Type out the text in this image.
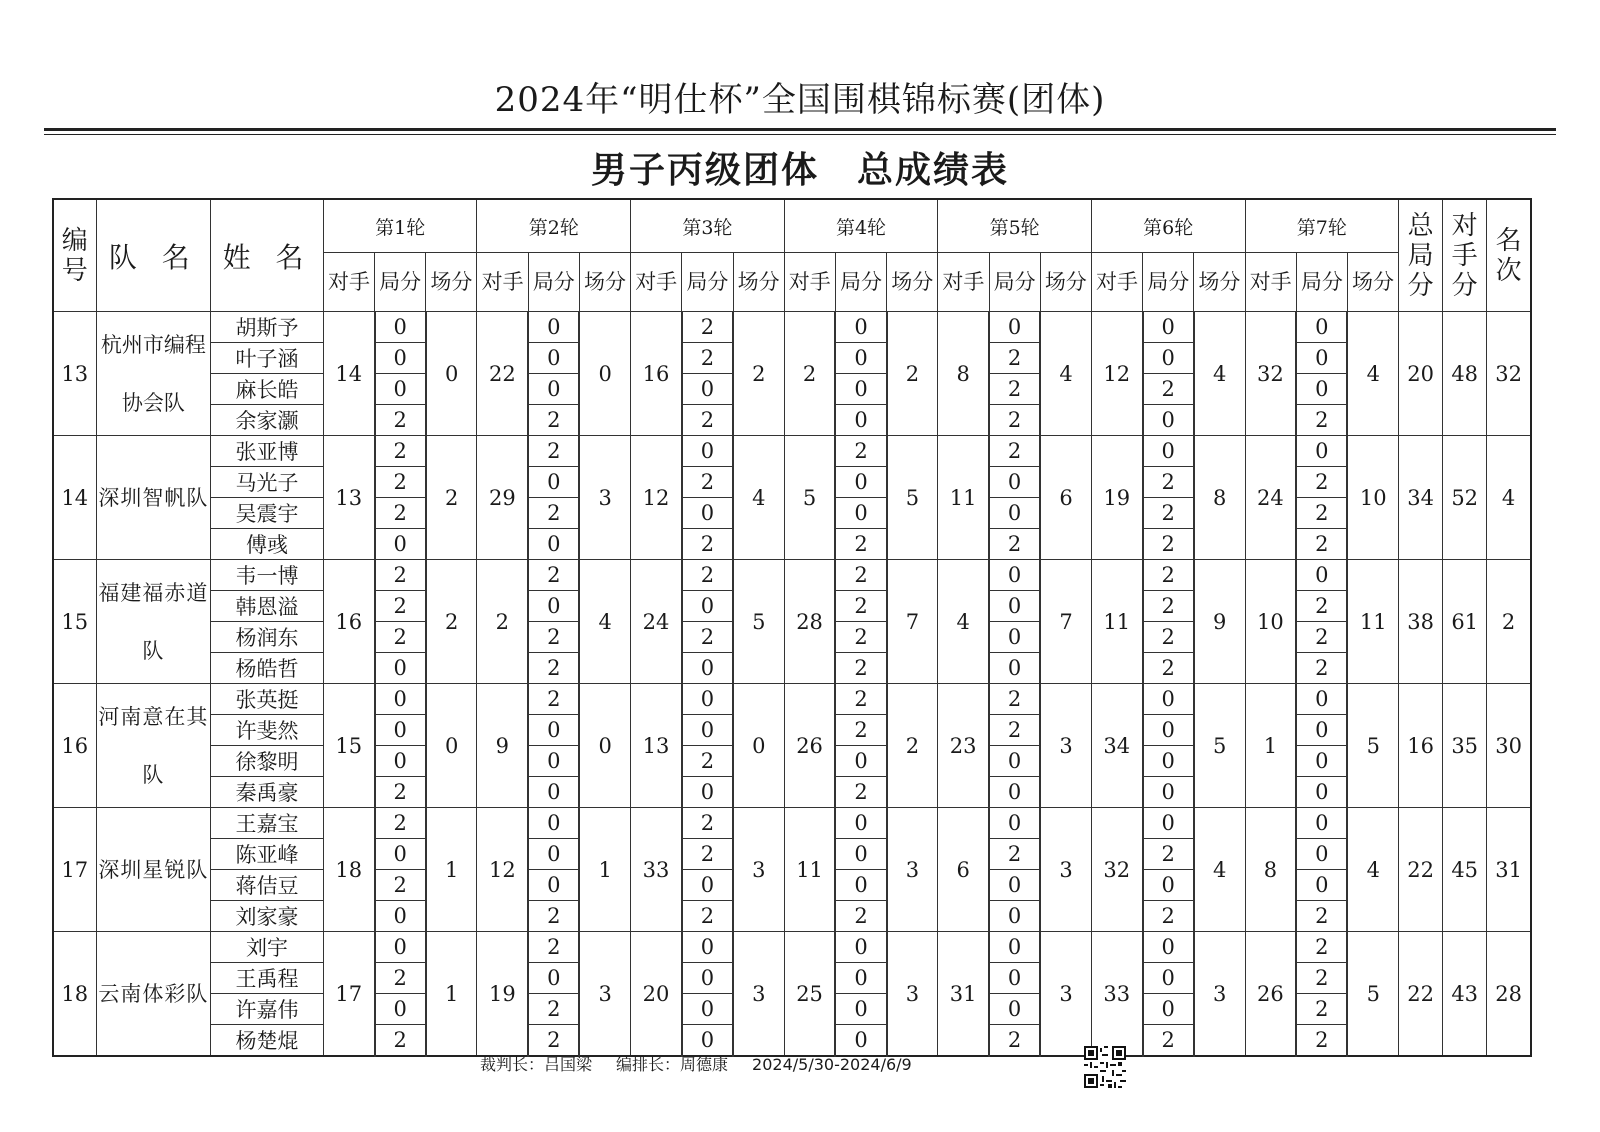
2024年“明仕杯”全国围棋锦标赛(团体)
男子丙级团体　总成绩表
编号	队 名	姓 名	第1轮			第2轮			第3轮			第4轮			第5轮			第6轮			第7轮			总局分	对手分	名次
			对手	局分	场分	对手	局分	场分	对手	局分	场分	对手	局分	场分	对手	局分	场分	对手	局分	场分	对手	局分	场分			
13	杭州市编程协会队	胡斯予	14	0	0	22	0	0	16	2	2	2	0	2	8	0	4	12	0	4	32	0	4	20	48	32
		叶子涵		0			0			2			0			2			0			0				
		麻长皓		0			0			0			0			2			2			0				
		余家灏		2			2			2			0			2			0			2				
14	深圳智帆队	张亚博	13	2	2	29	2	3	12	0	4	5	2	5	11	2	6	19	0	8	24	0	10	34	52	4
		马光子		2			0			2			0			0			2			2				
		吴震宇		2			2			0			0			0			2			2				
		傅彧		0			0			2			2			2			2			2				
15	福建福赤道队	韦一博	16	2	2	2	2	4	24	2	5	28	2	7	4	0	7	11	2	9	10	0	11	38	61	2
		韩恩溢		2			0			0			2			0			2			2				
		杨润东		2			2			2			2			0			2			2				
		杨皓哲		0			2			0			2			0			2			2				
16	河南意在其队	张英挺	15	0	0	9	2	0	13	0	0	26	2	2	23	2	3	34	0	5	1	0	5	16	35	30
		许斐然		0			0			0			2			2			0			0				
		徐黎明		0			0			2			0			0			0			0				
		秦禹豪		2			0			0			2			0			0			0				
17	深圳星锐队	王嘉宝	18	2	1	12	0	1	33	2	3	11	0	3	6	0	3	32	0	4	8	0	4	22	45	31
		陈亚峰		0			0			2			0			2			2			0				
		蒋佶豆		2			0			0			0			0			0			0				
		刘家豪		0			2			2			2			0			2			2				
18	云南体彩队	刘宇	17	0	1	19	2	3	20	0	3	25	0	3	31	0	3	33	0	3	26	2	5	22	43	28
		王禹程		2			0			0			0			0			0			2				
		许嘉伟		0			2			0			0			0			0			2				
		杨楚焜		2			2			0			0			2			2			2				
裁判长：吕国梁 编排长：周德康 2024/5/30-2024/6/9
